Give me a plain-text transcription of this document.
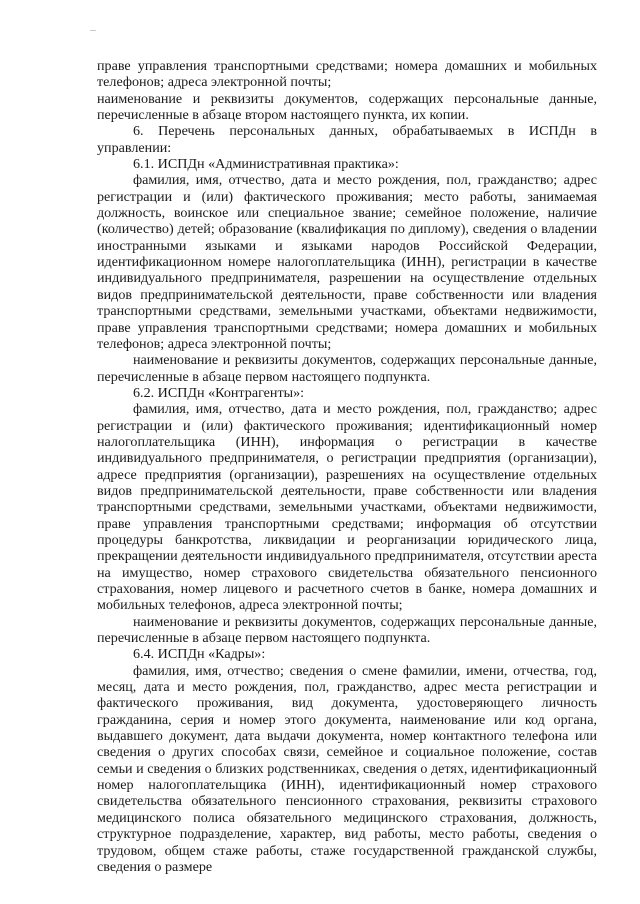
праве управления транспортными средствами; номера домашних и мобильных телефонов; адреса электронной почты;

наименование и реквизиты документов, содержащих персональные данные, перечисленные в абзаце втором настоящего пункта, их копии.

6. Перечень персональных данных, обрабатываемых в ИСПДн в управлении:

6.1. ИСПДн «Административная практика»:

фамилия, имя, отчество, дата и место рождения, пол, гражданство; адрес регистрации и (или) фактического проживания; место работы, занимаемая должность, воинское или специальное звание; семейное положение, наличие (количество) детей; образование (квалификация по диплому), сведения о владении иностранными языками и языками народов Российской Федерации, идентификационном номере налогоплательщика (ИНН), регистрации в качестве индивидуального предпринимателя, разрешении на осуществление отдельных видов предпринимательской деятельности, праве собственности или владения транспортными средствами, земельными участками, объектами недвижимости, праве управления транспортными средствами; номера домашних и мобильных телефонов; адреса электронной почты;

наименование и реквизиты документов, содержащих персональные данные, перечисленные в абзаце первом настоящего подпункта.

6.2. ИСПДн «Контрагенты»:

фамилия, имя, отчество, дата и место рождения, пол, гражданство; адрес регистрации и (или) фактического проживания; идентификационный номер налогоплательщика (ИНН), информация о регистрации в качестве индивидуального предпринимателя, о регистрации предприятия (организации), адресе предприятия (организации), разрешениях на осуществление отдельных видов предпринимательской деятельности, праве собственности или владения транспортными средствами, земельными участками, объектами недвижимости, праве управления транспортными средствами; информация об отсутствии процедуры банкротства, ликвидации и реорганизации юридического лица, прекращении деятельности индивидуального предпринимателя, отсутствии ареста на имущество, номер страхового свидетельства обязательного пенсионного страхования, номер лицевого и расчетного счетов в банке, номера домашних и мобильных телефонов, адреса электронной почты;

наименование и реквизиты документов, содержащих персональные данные, перечисленные в абзаце первом настоящего подпункта.

6.4. ИСПДн «Кадры»:

фамилия, имя, отчество; сведения о смене фамилии, имени, отчества, год, месяц, дата и место рождения, пол, гражданство, адрес места регистрации и фактического проживания, вид документа, удостоверяющего личность гражданина, серия и номер этого документа, наименование или код органа, выдавшего документ, дата выдачи документа, номер контактного телефона или сведения о других способах связи, семейное и социальное положение, состав семьи и сведения о близких родственниках, сведения о детях, идентификационный номер налогоплательщика (ИНН), идентификационный номер страхового свидетельства обязательного пенсионного страхования, реквизиты страхового медицинского полиса обязательного медицинского страхования, должность, структурное подразделение, характер, вид работы, место работы, сведения о трудовом, общем стаже работы, стаже государственной гражданской службы, сведения о размере
